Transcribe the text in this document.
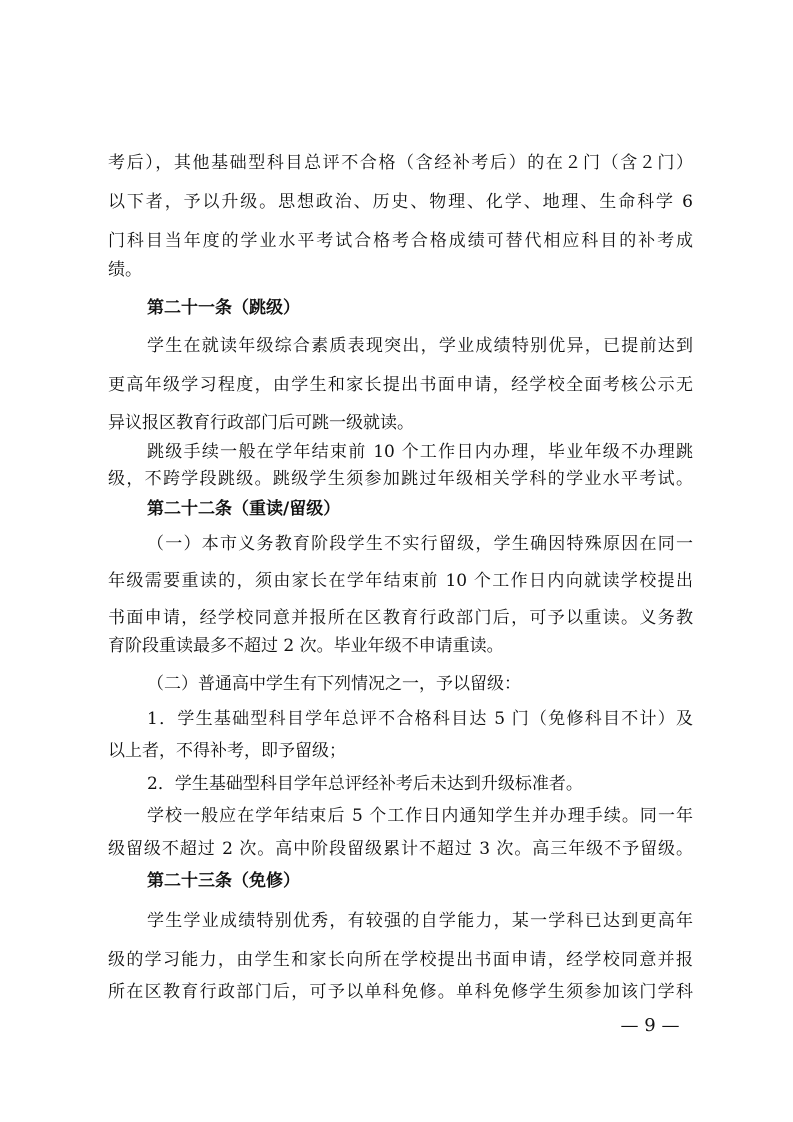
考后），其他基础型科目总评不合格（含经补考后）的在２门（含２门）
以下者，予以升级。思想政治、历史、物理、化学、地理、生命科学 6
门科目当年度的学业水平考试合格考合格成绩可替代相应科目的补考成
绩。
第二十一条（跳级）
学生在就读年级综合素质表现突出，学业成绩特别优异，已提前达到
更高年级学习程度，由学生和家长提出书面申请，经学校全面考核公示无
异议报区教育行政部门后可跳一级就读。
跳级手续一般在学年结束前 10 个工作日内办理，毕业年级不办理跳
级，不跨学段跳级。跳级学生须参加跳过年级相关学科的学业水平考试。
第二十二条（重读/留级）
（一）本市义务教育阶段学生不实行留级，学生确因特殊原因在同一
年级需要重读的，须由家长在学年结束前 10 个工作日内向就读学校提出
书面申请，经学校同意并报所在区教育行政部门后，可予以重读。义务教
育阶段重读最多不超过 2 次。毕业年级不申请重读。
（二）普通高中学生有下列情况之一，予以留级：
1．学生基础型科目学年总评不合格科目达 5 门（免修科目不计）及
以上者，不得补考，即予留级；
2．学生基础型科目学年总评经补考后未达到升级标准者。
学校一般应在学年结束后 5 个工作日内通知学生并办理手续。同一年
级留级不超过 2 次。高中阶段留级累计不超过 3 次。高三年级不予留级。
第二十三条（免修）
学生学业成绩特别优秀，有较强的自学能力，某一学科已达到更高年
级的学习能力，由学生和家长向所在学校提出书面申请，经学校同意并报
所在区教育行政部门后，可予以单科免修。单科免修学生须参加该门学科
— 9 —
